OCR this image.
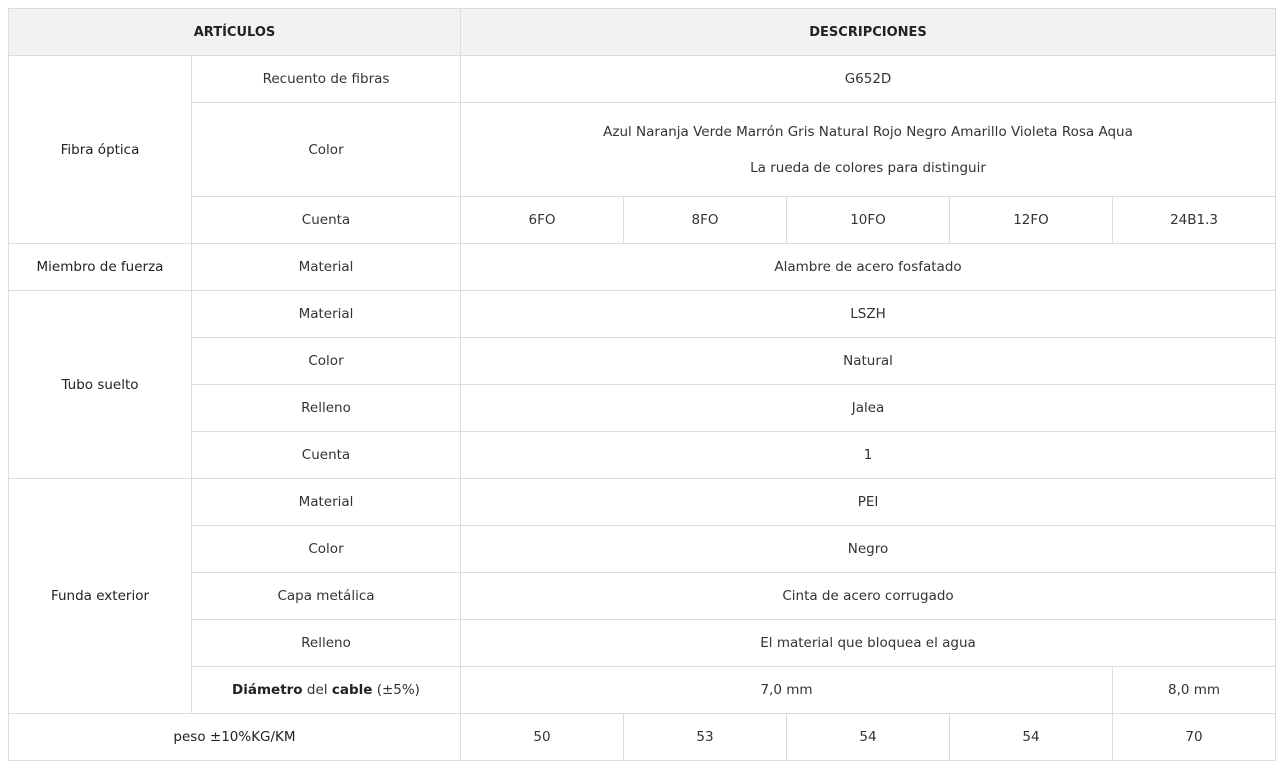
ARTÍCULOS		DESCRIPCIONES				
Fibra óptica	Recuento de fibras	G652D				
	Color	Azul Naranja Verde Marrón Gris Natural Rojo Negro Amarillo Violeta Rosa Aqua
La rueda de colores para distinguir				

	Cuenta	6FO	8FO	10FO	12FO	24B1.3
Miembro de fuerza	Material	Alambre de acero fosfatado				
Tubo suelto	Material	LSZH				
	Color	Natural				
	Relleno	Jalea				
	Cuenta	1				
Funda exterior	Material	PEI				
	Color	Negro				
	Capa metálica	Cinta de acero corrugado				
	Relleno	El material que bloquea el agua				
	Diámetro del cable (±5%)	7,0 mm				8,0 mm
peso ±10%KG/KM		50	53	54	54	70
